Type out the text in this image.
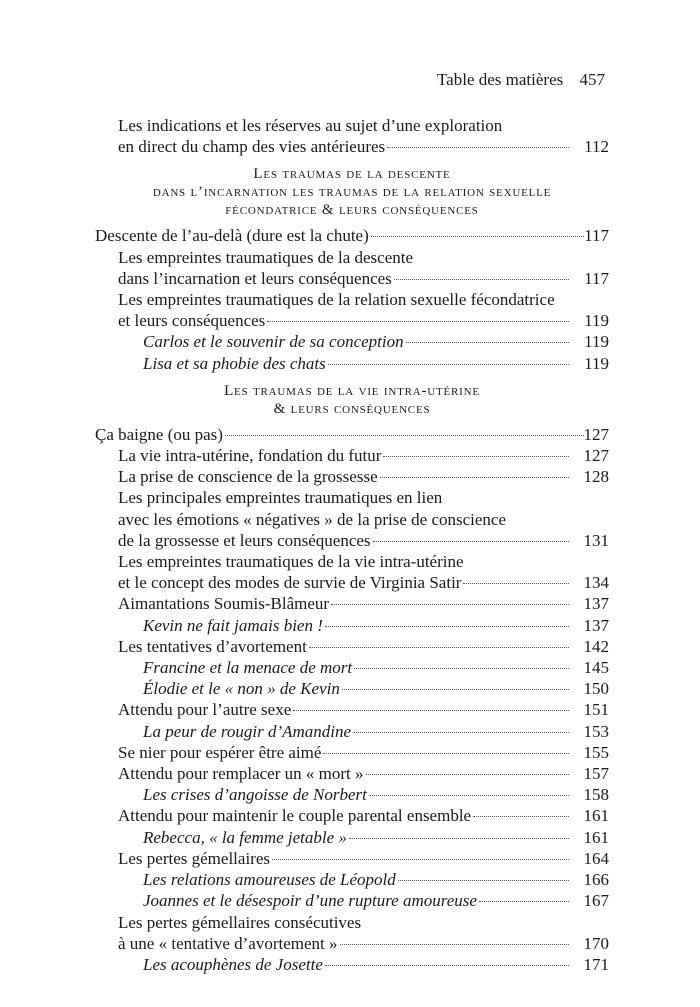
Table des matières 457
Les indications et les réserves au sujet d’une exploration
en direct du champ des vies antérieures	112
Les traumas de la descente
dans l’incarnation les traumas de la relation sexuelle
fécondatrice & leurs conséquences
Descente de l’au-delà (dure est la chute)	117
Les empreintes traumatiques de la descente
dans l’incarnation et leurs conséquences	117
Les empreintes traumatiques de la relation sexuelle fécondatrice
et leurs conséquences	119
Carlos et le souvenir de sa conception	119
Lisa et sa phobie des chats	119
Les traumas de la vie intra-utérine
& leurs conséquences
Ça baigne (ou pas)	127
La vie intra-utérine, fondation du futur	127
La prise de conscience de la grossesse	128
Les principales empreintes traumatiques en lien
avec les émotions « négatives » de la prise de conscience
de la grossesse et leurs conséquences	131
Les empreintes traumatiques de la vie intra-utérine
et le concept des modes de survie de Virginia Satir	134
Aimantations Soumis-Blâmeur	137
Kevin ne fait jamais bien !	137
Les tentatives d’avortement	142
Francine et la menace de mort	145
Élodie et le « non » de Kevin	150
Attendu pour l’autre sexe	151
La peur de rougir d’Amandine	153
Se nier pour espérer être aimé	155
Attendu pour remplacer un « mort »	157
Les crises d’angoisse de Norbert	158
Attendu pour maintenir le couple parental ensemble	161
Rebecca, « la femme jetable »	161
Les pertes gémellaires	164
Les relations amoureuses de Léopold	166
Joannes et le désespoir d’une rupture amoureuse	167
Les pertes gémellaires consécutives
à une « tentative d’avortement »	170
Les acouphènes de Josette	171
